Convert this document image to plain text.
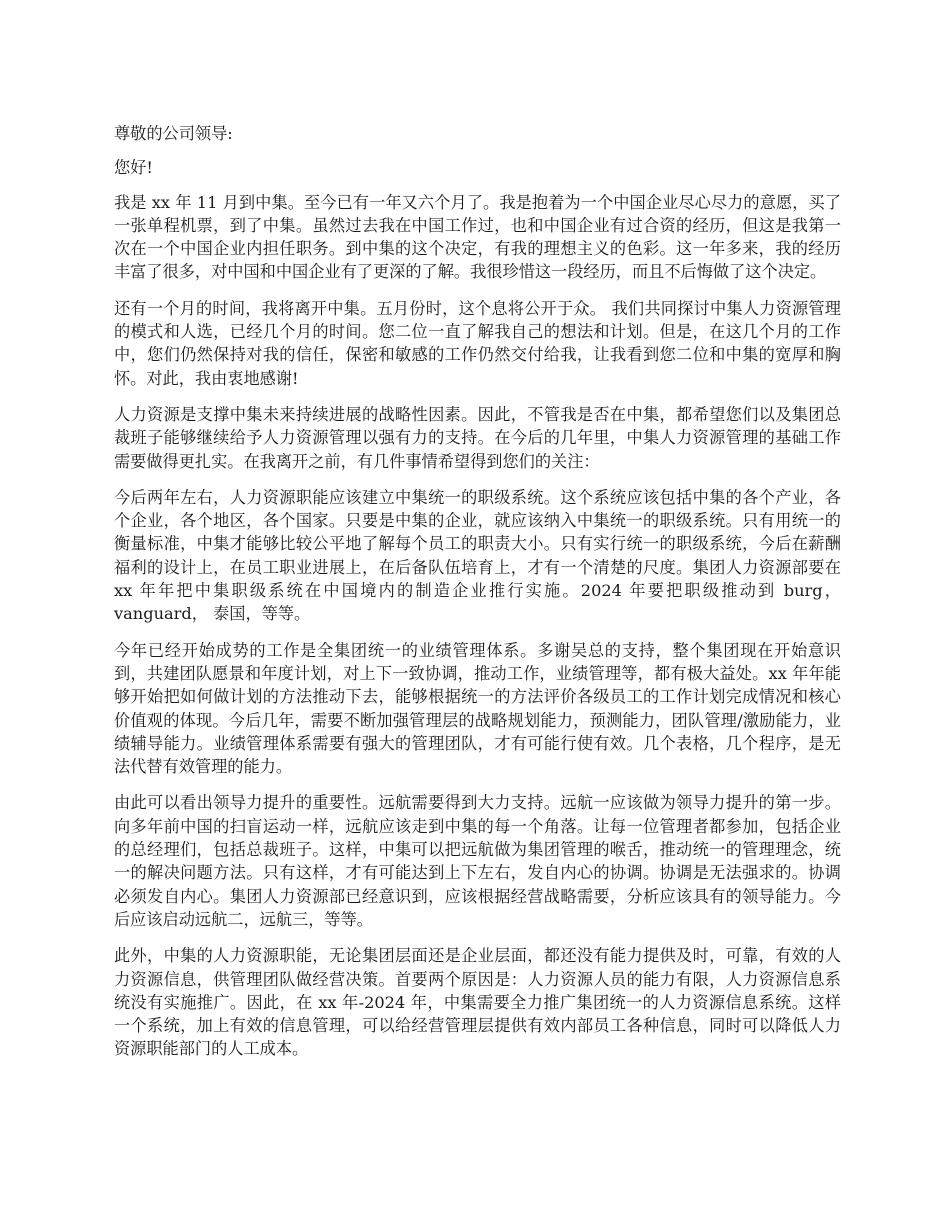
尊敬的公司领导:

您好!

我是 xx 年 11 月到中集。至今已有一年又六个月了。我是抱着为一个中国企业尽心尽力的意愿，买了一张单程机票，到了中集。虽然过去我在中国工作过，也和中国企业有过合资的经历，但这是我第一次在一个中国企业内担任职务。到中集的这个决定，有我的理想主义的色彩。这一年多来，我的经历丰富了很多，对中国和中国企业有了更深的了解。我很珍惜这一段经历，而且不后悔做了这个决定。

还有一个月的时间，我将离开中集。五月份时，这个息将公开于众。 我们共同探讨中集人力资源管理的模式和人选，已经几个月的时间。您二位一直了解我自己的想法和计划。但是，在这几个月的工作中，您们仍然保持对我的信任，保密和敏感的工作仍然交付给我，让我看到您二位和中集的宽厚和胸怀。对此，我由衷地感谢!

人力资源是支撑中集未来持续进展的战略性因素。因此，不管我是否在中集，都希望您们以及集团总裁班子能够继续给予人力资源管理以强有力的支持。在今后的几年里，中集人力资源管理的基础工作需要做得更扎实。在我离开之前，有几件事情希望得到您们的关注：

今后两年左右，人力资源职能应该建立中集统一的职级系统。这个系统应该包括中集的各个产业，各个企业，各个地区，各个国家。只要是中集的企业，就应该纳入中集统一的职级系统。只有用统一的衡量标准，中集才能够比较公平地了解每个员工的职责大小。只有实行统一的职级系统，今后在薪酬福利的设计上，在员工职业进展上，在后备队伍培育上，才有一个清楚的尺度。集团人力资源部要在 xx 年年把中集职级系统在中国境内的制造企业推行实施。2024 年要把职级推动到 burg，vanguard， 泰国，等等。

今年已经开始成势的工作是全集团统一的业绩管理体系。多谢吴总的支持，整个集团现在开始意识到，共建团队愿景和年度计划，对上下一致协调，推动工作，业绩管理等，都有极大益处。xx 年年能够开始把如何做计划的方法推动下去，能够根据统一的方法评价各级员工的工作计划完成情况和核心价值观的体现。今后几年，需要不断加强管理层的战略规划能力，预测能力，团队管理/激励能力，业绩辅导能力。业绩管理体系需要有强大的管理团队，才有可能行使有效。几个表格，几个程序，是无法代替有效管理的能力。

由此可以看出领导力提升的重要性。远航需要得到大力支持。远航一应该做为领导力提升的第一步。向多年前中国的扫盲运动一样，远航应该走到中集的每一个角落。让每一位管理者都参加，包括企业的总经理们，包括总裁班子。这样，中集可以把远航做为集团管理的喉舌，推动统一的管理理念，统一的解决问题方法。只有这样，才有可能达到上下左右，发自内心的协调。协调是无法强求的。协调必须发自内心。集团人力资源部已经意识到，应该根据经营战略需要，分析应该具有的领导能力。今后应该启动远航二，远航三，等等。

此外，中集的人力资源职能，无论集团层面还是企业层面，都还没有能力提供及时，可靠，有效的人力资源信息，供管理团队做经营决策。首要两个原因是：人力资源人员的能力有限，人力资源信息系统没有实施推广。因此，在 xx 年-2024 年，中集需要全力推广集团统一的人力资源信息系统。这样一个系统，加上有效的信息管理，可以给经营管理层提供有效内部员工各种信息，同时可以降低人力资源职能部门的人工成本。
